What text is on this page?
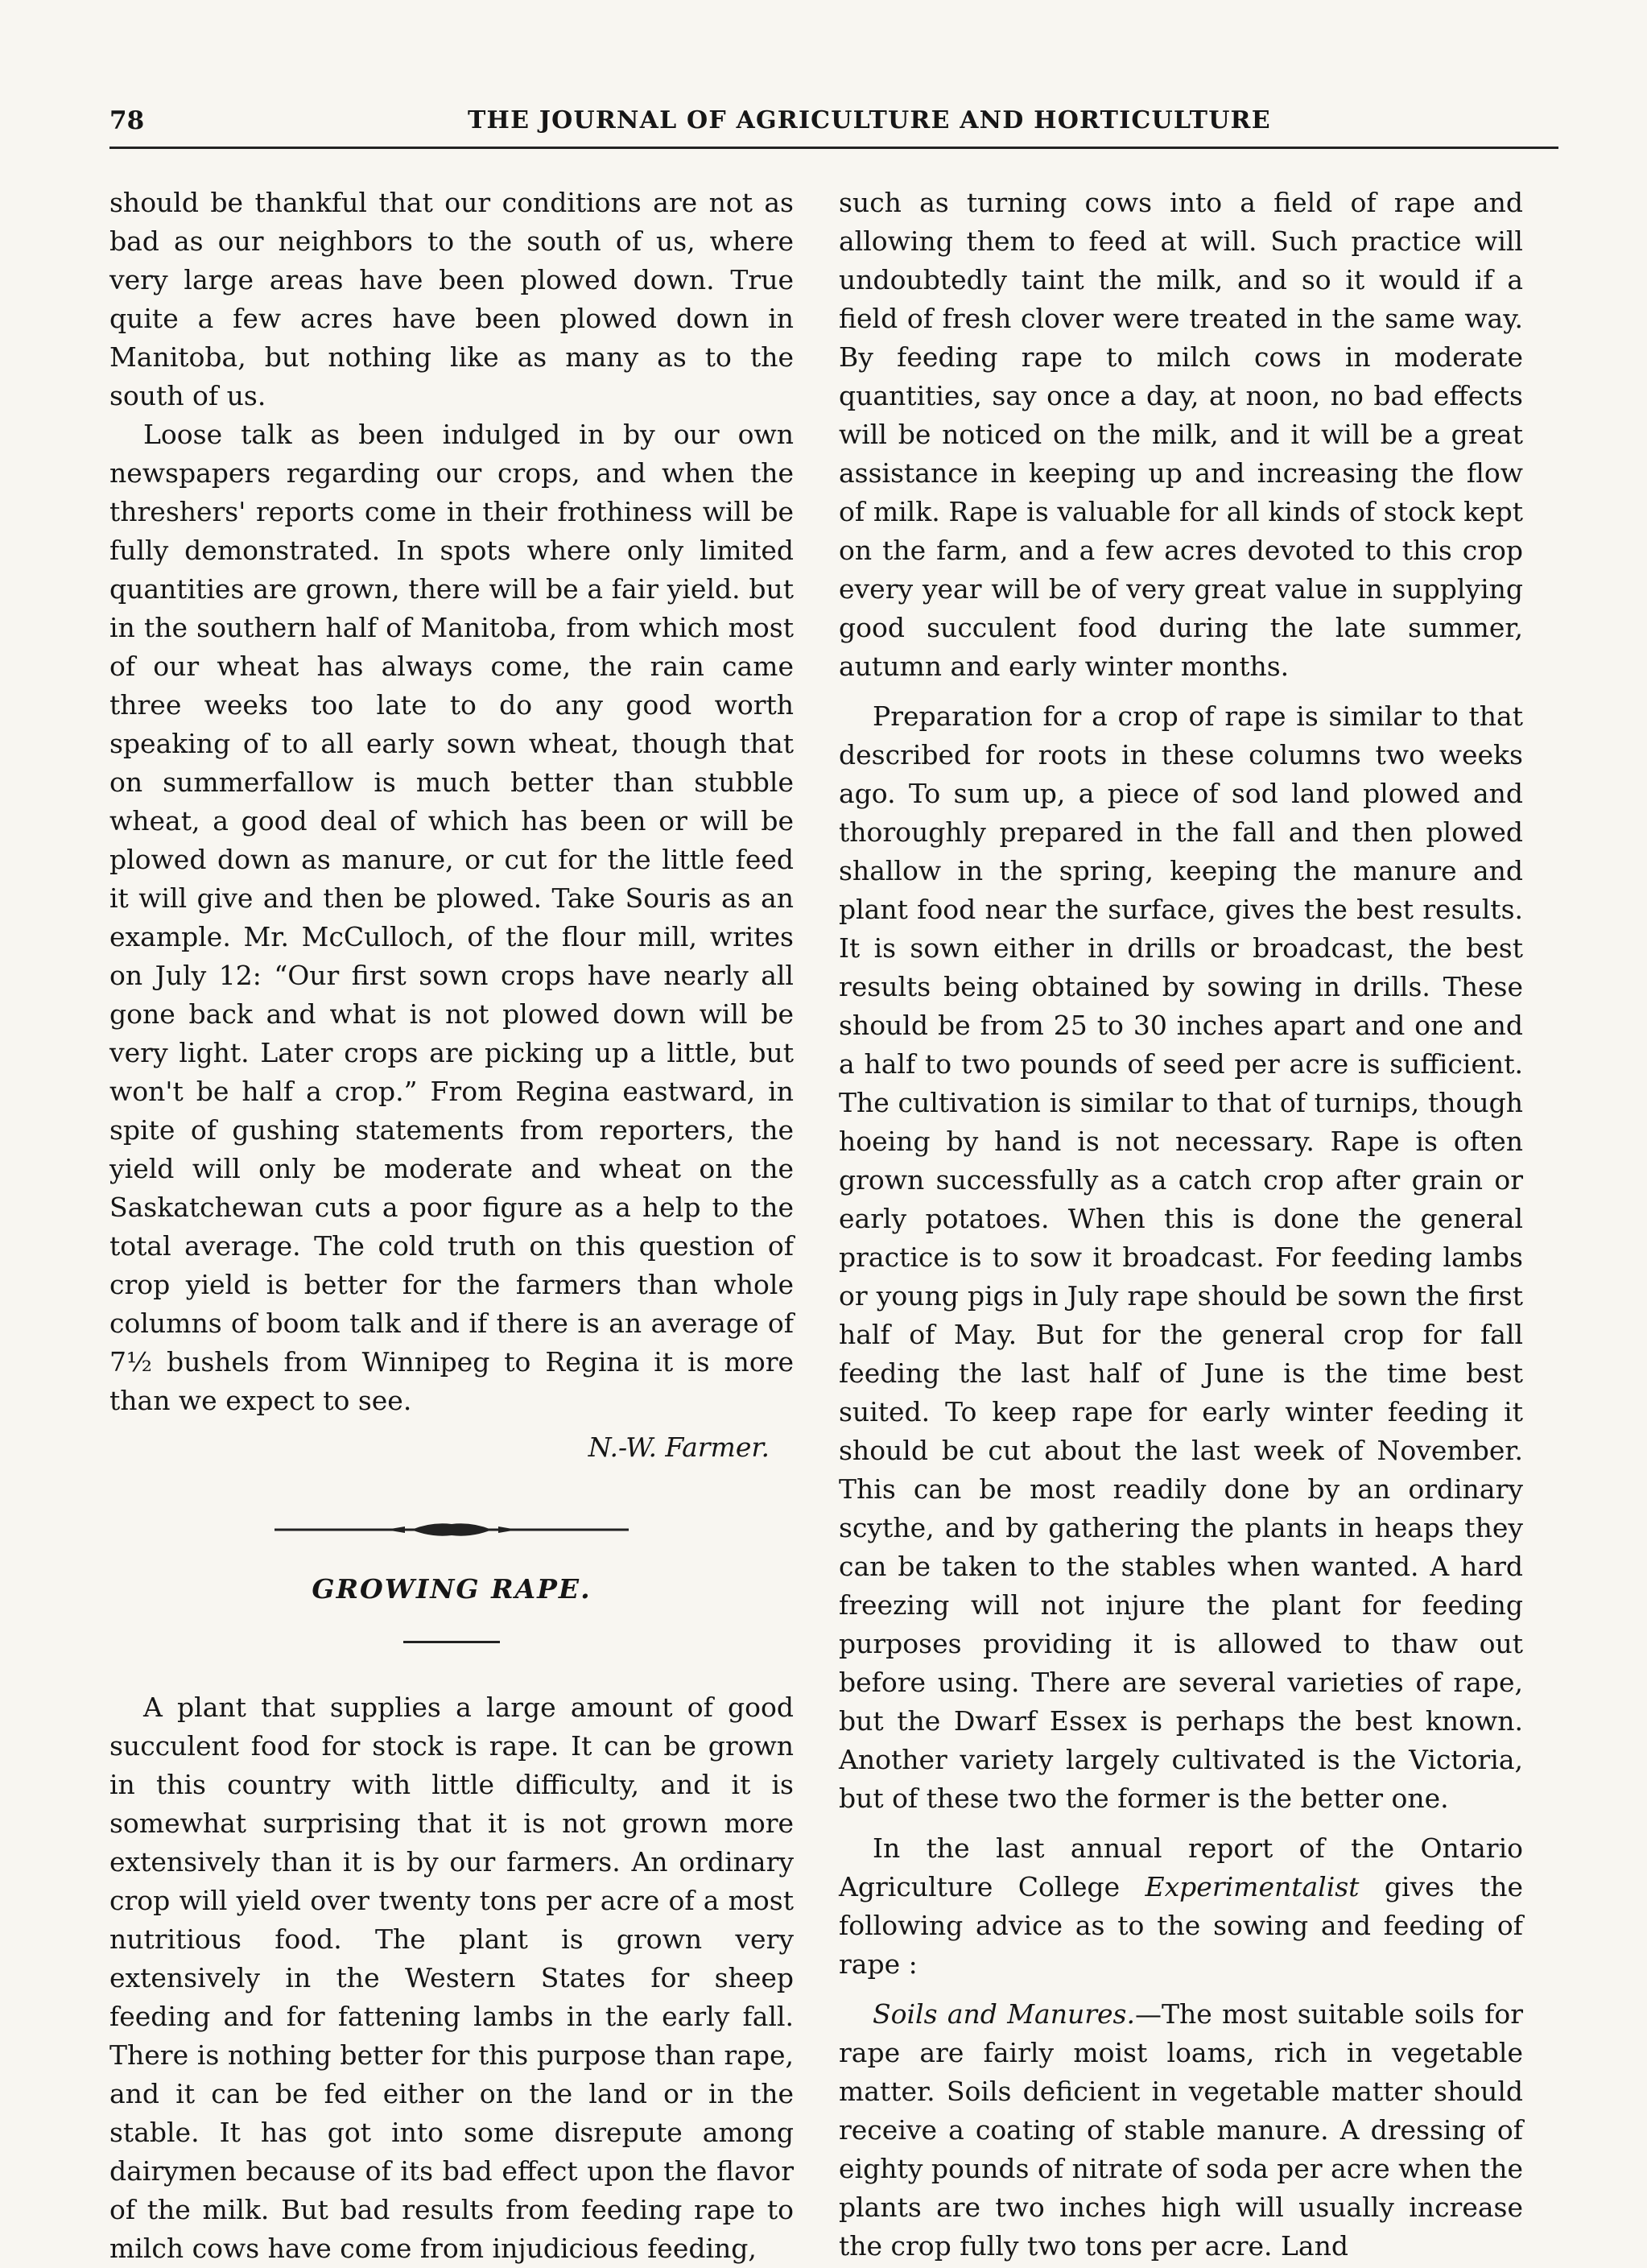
78	THE JOURNAL OF AGRICULTURE AND HORTICULTURE

should be thankful that our conditions are not as bad as our neighbors to the south of us, where very large areas have been plowed down. True quite a few acres have been plowed down in Manitoba, but nothing like as many as to the south of us.

Loose talk as been indulged in by our own newspapers regarding our crops, and when the threshers' reports come in their frothiness will be fully demonstrated. In spots where only limited quantities are grown, there will be a fair yield. but in the southern half of Manitoba, from which most of our wheat has always come, the rain came three weeks too late to do any good worth speaking of to all early sown wheat, though that on summerfallow is much better than stubble wheat, a good deal of which has been or will be plowed down as manure, or cut for the little feed it will give and then be plowed. Take Souris as an example. Mr. McCulloch, of the flour mill, writes on July 12: “Our first sown crops have nearly all gone back and what is not plowed down will be very light. Later crops are picking up a little, but won't be half a crop.” From Regina eastward, in spite of gushing statements from reporters, the yield will only be moderate and wheat on the Saskatchewan cuts a poor figure as a help to the total average. The cold truth on this question of crop yield is better for the farmers than whole columns of boom talk and if there is an average of 7½ bushels from Winnipeg to Regina it is more than we expect to see.

N.-W. Farmer.
GROWING RAPE.

A plant that supplies a large amount of good succulent food for stock is rape. It can be grown in this country with little difficulty, and it is somewhat surprising that it is not grown more extensively than it is by our farmers. An ordinary crop will yield over twenty tons per acre of a most nutritious food. The plant is grown very extensively in the Western States for sheep feeding and for fattening lambs in the early fall. There is nothing better for this purpose than rape, and it can be fed either on the land or in the stable. It has got into some disrepute among dairymen because of its bad effect upon the flavor of the milk. But bad results from feeding rape to milch cows have come from injudicious feeding,

such as turning cows into a field of rape and allowing them to feed at will. Such practice will undoubtedly taint the milk, and so it would if a field of fresh clover were treated in the same way. By feeding rape to milch cows in moderate quantities, say once a day, at noon, no bad effects will be noticed on the milk, and it will be a great assistance in keeping up and increasing the flow of milk. Rape is valuable for all kinds of stock kept on the farm, and a few acres devoted to this crop every year will be of very great value in supplying good succulent food during the late summer, autumn and early winter months.

Preparation for a crop of rape is similar to that described for roots in these columns two weeks ago. To sum up, a piece of sod land plowed and thoroughly prepared in the fall and then plowed shallow in the spring, keeping the manure and plant food near the surface, gives the best results. It is sown either in drills or broadcast, the best results being obtained by sowing in drills. These should be from 25 to 30 inches apart and one and a half to two pounds of seed per acre is sufficient. The cultivation is similar to that of turnips, though hoeing by hand is not necessary. Rape is often grown successfully as a catch crop after grain or early potatoes. When this is done the general practice is to sow it broadcast. For feeding lambs or young pigs in July rape should be sown the first half of May. But for the general crop for fall feeding the last half of June is the time best suited. To keep rape for early winter feeding it should be cut about the last week of November. This can be most readily done by an ordinary scythe, and by gathering the plants in heaps they can be taken to the stables when wanted. A hard freezing will not injure the plant for feeding purposes providing it is allowed to thaw out before using. There are several varieties of rape, but the Dwarf Essex is perhaps the best known. Another variety largely cultivated is the Victoria, but of these two the former is the better one.

In the last annual report of the Ontario Agriculture College Experimentalist gives the following advice as to the sowing and feeding of rape :

Soils and Manures.—The most suitable soils for rape are fairly moist loams, rich in vegetable matter. Soils deficient in vegetable matter should receive a coating of stable manure. A dressing of eighty pounds of nitrate of soda per acre when the plants are two inches high will usually increase the crop fully two tons per acre. Land
